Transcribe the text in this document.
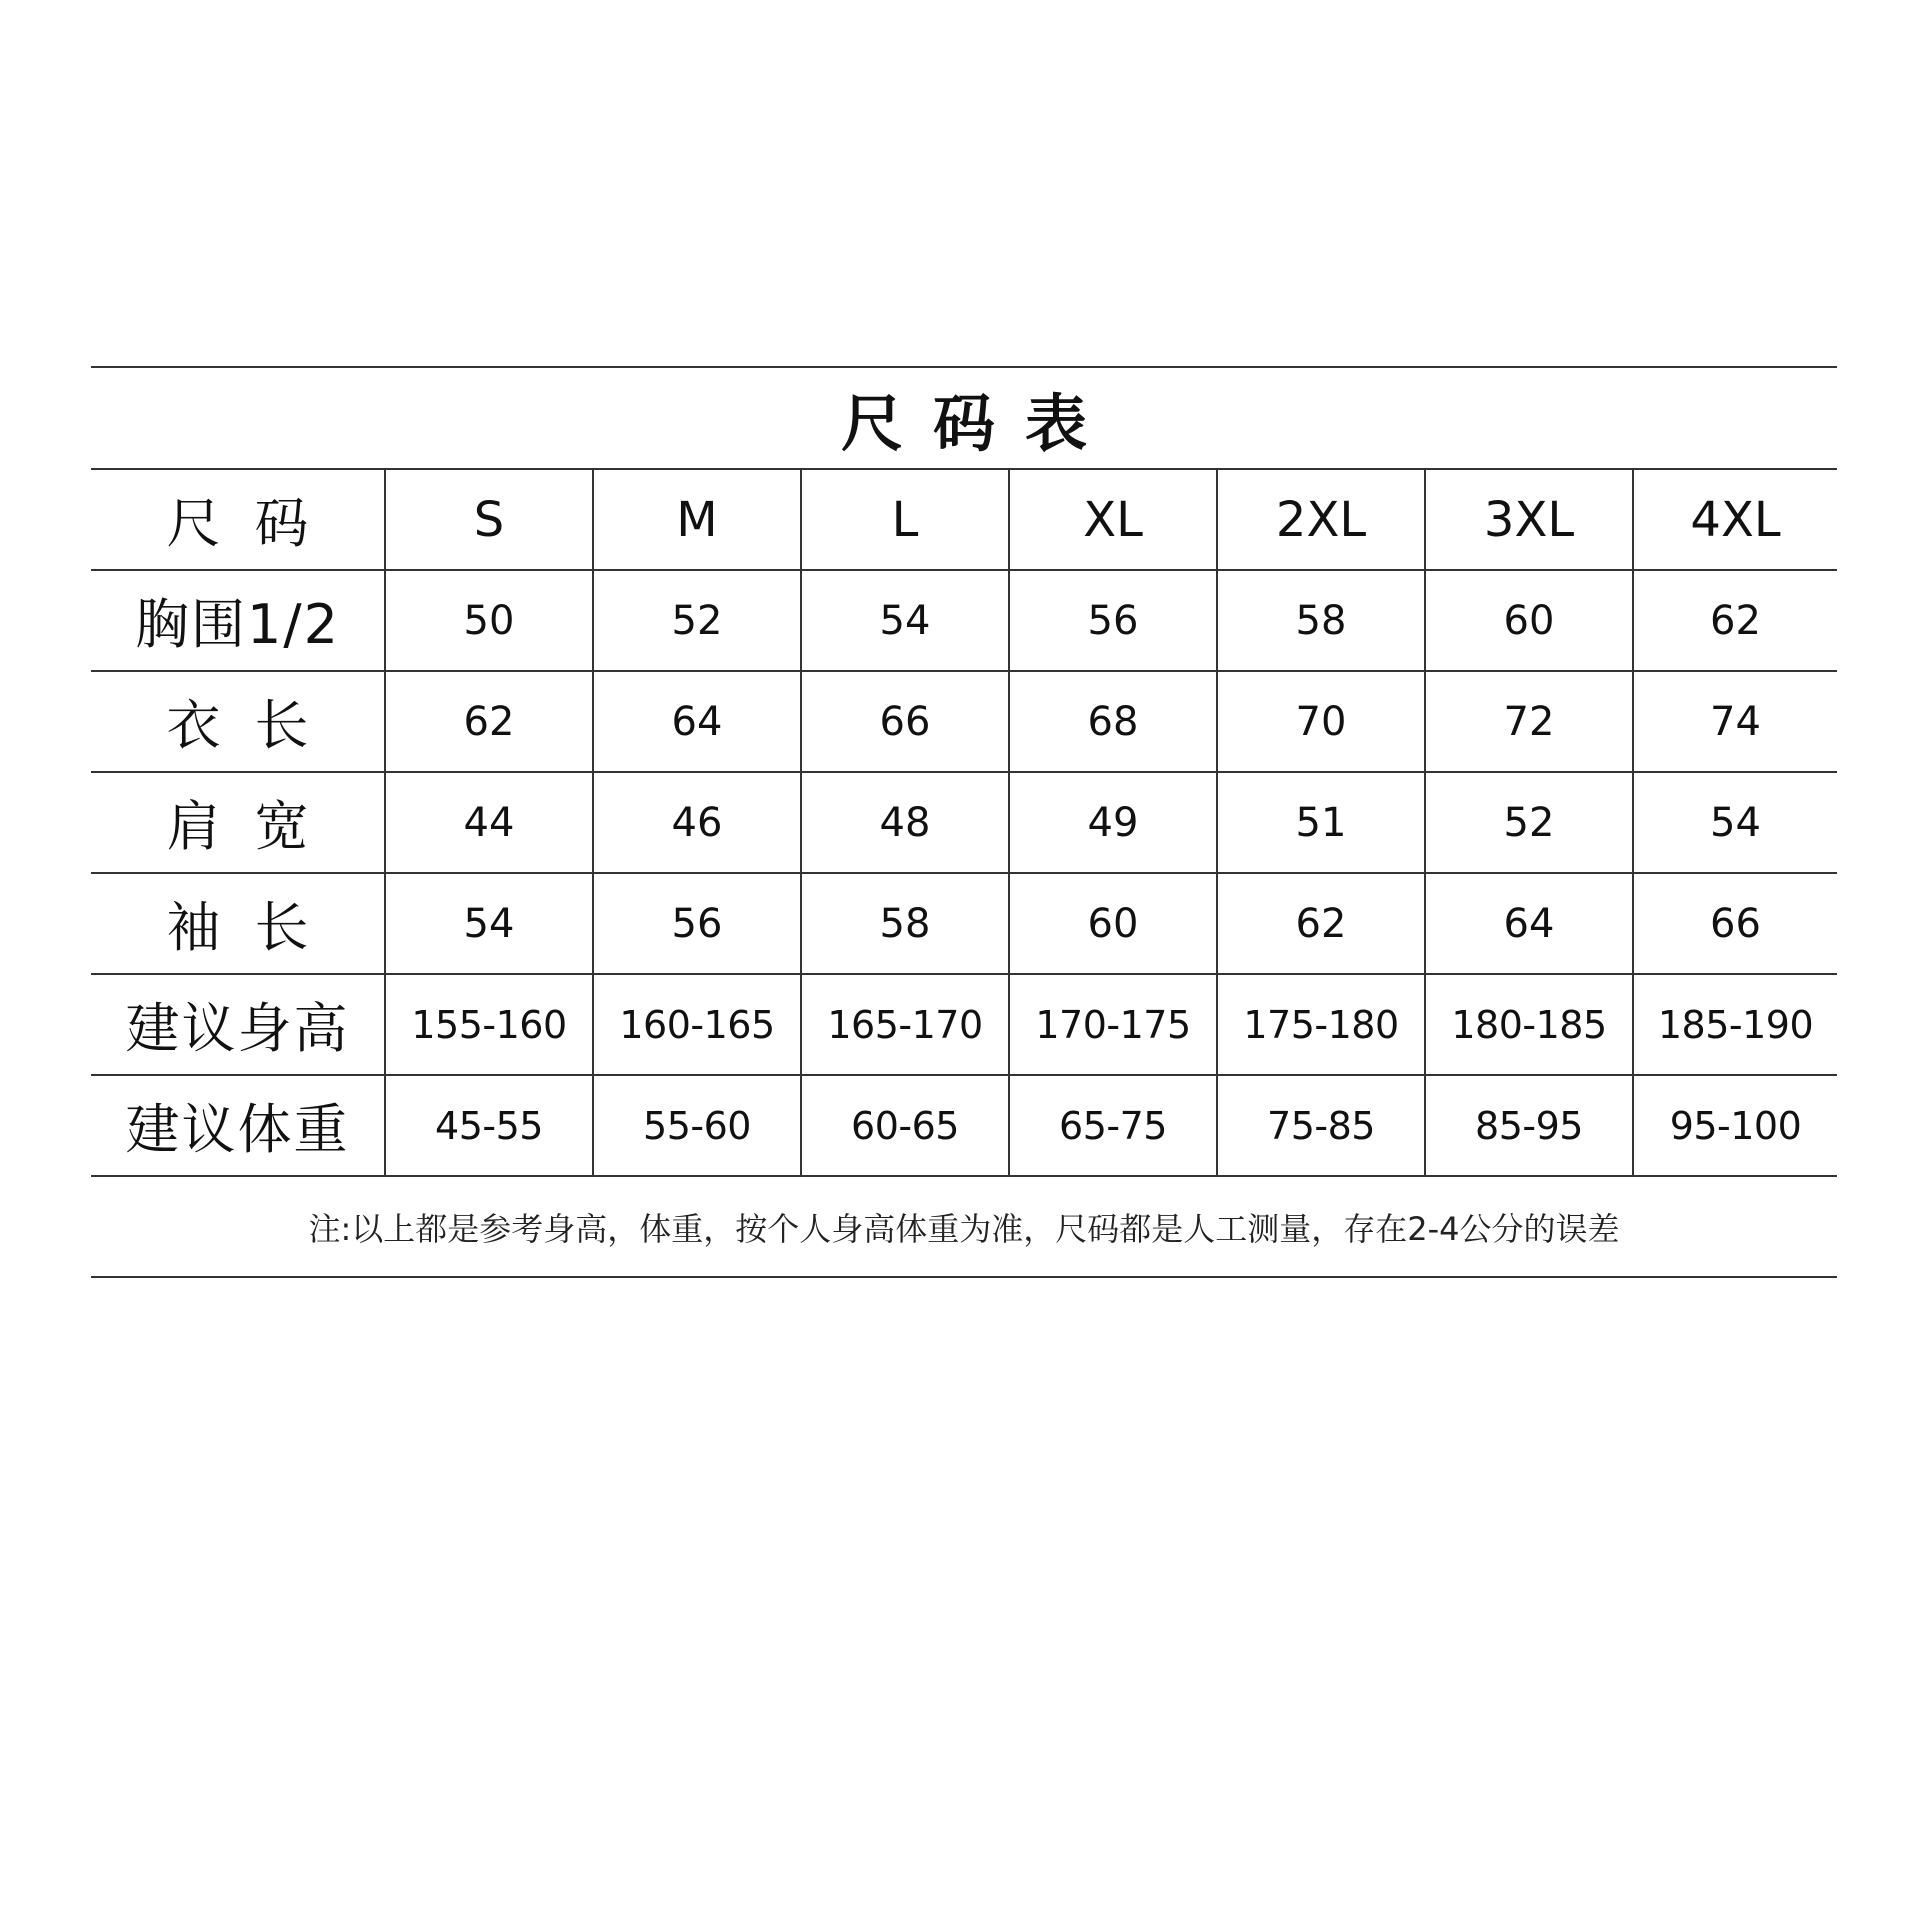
尺码表
尺码	S	M	L	XL	2XL	3XL	4XL
胸围1/2	50	52	54	56	58	60	62
衣长	62	64	66	68	70	72	74
肩宽	44	46	48	49	51	52	54
袖长	54	56	58	60	62	64	66
建议身高	155-160	160-165	165-170	170-175	175-180	180-185	185-190
建议体重	45-55	55-60	60-65	65-75	75-85	85-95	95-100
注:以上都是参考身高，体重，按个人身高体重为准，尺码都是人工测量，存在2-4公分的误差
